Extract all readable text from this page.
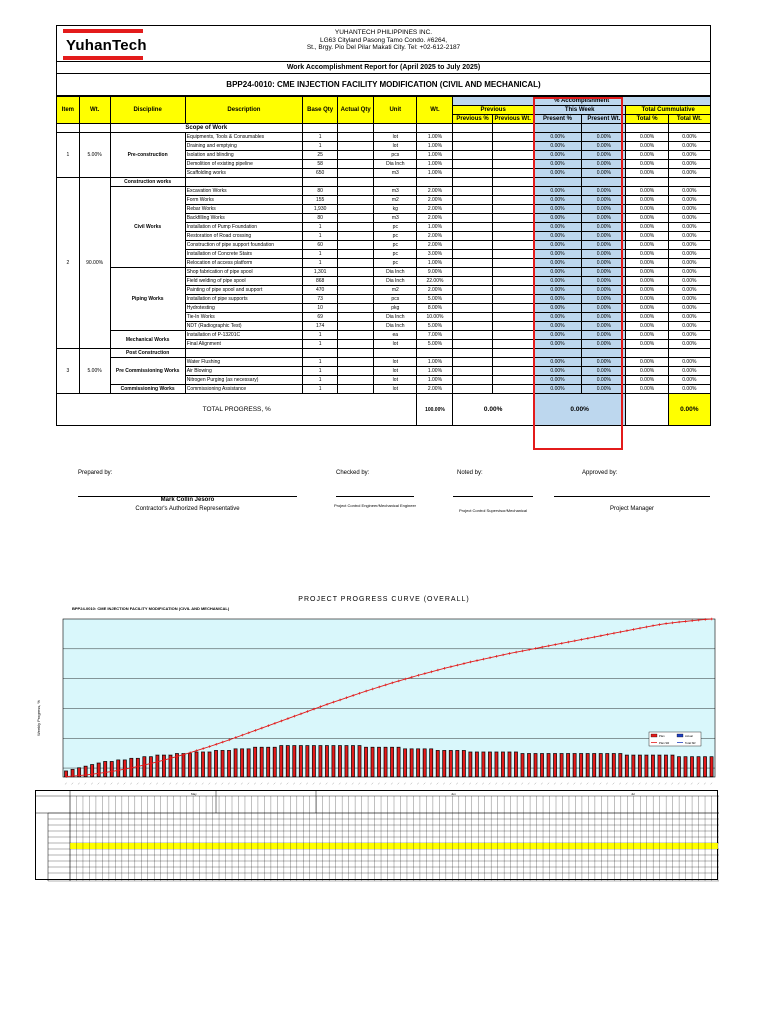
YuhanTech
YUHANTECH PHILIPPINES INC.
LG63 Cityland Pasong Tamo Condo. #6264,
St., Brgy. Pio Del Pilar Makati City. Tel: +02-612-2187
Work Accomplishment Report for (April 2025 to July 2025)
BPP24-0010: CME INJECTION FACILITY MODIFICATION (CIVIL AND MECHANICAL)
Item	Wt.	Discipline	Description	Base Qty	Actual Qty	Unit	Wt.	% Accomplishment					
								Previous		This Week		Total Cummulative	
								Previous %	Previous Wt.	Present %	Present Wt.	Total %	Total Wt.
		Scope of Work											
1	5.00%	Pre-construction	Equipments, Tools & Consumables	1		lot	1.00%			0.00%	0.00%	0.00%	0.00%
			Draining and emptying	1		lot	1.00%			0.00%	0.00%	0.00%	0.00%
			Isolation and blinding	25		pcs	1.00%			0.00%	0.00%	0.00%	0.00%
			Demolition of existing pipeline	58		Dia Inch	1.00%			0.00%	0.00%	0.00%	0.00%
			Scaffolding works	650		m3	1.00%			0.00%	0.00%	0.00%	0.00%
2	90.00%	Construction works											
		Civil Works	Excavation Works	80		m3	2.00%			0.00%	0.00%	0.00%	0.00%
			Form Works	155		m2	2.00%			0.00%	0.00%	0.00%	0.00%
			Rebar Works	1,930		kg	2.00%			0.00%	0.00%	0.00%	0.00%
			Backfilling Works	80		m3	2.00%			0.00%	0.00%	0.00%	0.00%
			Installation of Pump Foundation	1		pc	1.00%			0.00%	0.00%	0.00%	0.00%
			Restoration of Road crossing	1		pc	2.00%			0.00%	0.00%	0.00%	0.00%
			Construction of pipe support foundation	60		pc	2.00%			0.00%	0.00%	0.00%	0.00%
			Installation of Concrete Stairs	1		pc	3.00%			0.00%	0.00%	0.00%	0.00%
			Relocation of access platform	1		pc	1.00%			0.00%	0.00%	0.00%	0.00%
		Piping Works	Shop fabrication of pipe spool	1,301		Dia Inch	9.00%			0.00%	0.00%	0.00%	0.00%
			Field welding of pipe spool	868		Dia Inch	22.00%			0.00%	0.00%	0.00%	0.00%
			Painting of pipe spool and support	470		m2	2.00%			0.00%	0.00%	0.00%	0.00%
			Installation of pipe supports	73		pcs	5.00%			0.00%	0.00%	0.00%	0.00%
			Hydrotesting	10		pkg	8.00%			0.00%	0.00%	0.00%	0.00%
			Tie-In Works	69		Dia Inch	10.00%			0.00%	0.00%	0.00%	0.00%
			NDT (Radiographic Test)	174		Dia Inch	5.00%			0.00%	0.00%	0.00%	0.00%
		Mechanical Works	Installation of P-13201C	1		ea	7.00%			0.00%	0.00%	0.00%	0.00%
			Final Alignment	1		lot	5.00%			0.00%	0.00%	0.00%	0.00%
3	5.00%	Post Construction											
		Pre Commissioning Works	Water Flushing	1		lot	1.00%			0.00%	0.00%	0.00%	0.00%
			Air Blowing	1		lot	1.00%			0.00%	0.00%	0.00%	0.00%
			Nitrogen Purging (as necessary)	1		lot	1.00%			0.00%	0.00%	0.00%	0.00%
		Commissioning Works	Commissioning Assistance	1		lot	2.00%			0.00%	0.00%	0.00%	0.00%
TOTAL PROGRESS, %							100.00%	0.00%		0.00%			0.00%
Prepared by:	Checked by:	Noted by:	Approved by:
Mark Collin Jesoro
Contractor's Authorized Representative
Project Control Engineer/Mechanical Engineer
Project Control Supervisor/Mechanical	Project Manager
PROJECT PROGRESS CURVE (OVERALL)
BPP24-0010: CME INJECTION FACILITY MODIFICATION (CIVIL AND MECHANICAL)
Weekly Progress, %
— — — — — — — — — — — — — — — — — — — — — — — — — — — — — — — — — — — — — — — — — — — — — — — — — — — — — — — — — — — — — — — — — — — — — — — — — — — — — — — — — — — — — — — — — — — — — — — — — — — —
Plan	Actual
Plan SR	Total SR
May	Jun	Jul
